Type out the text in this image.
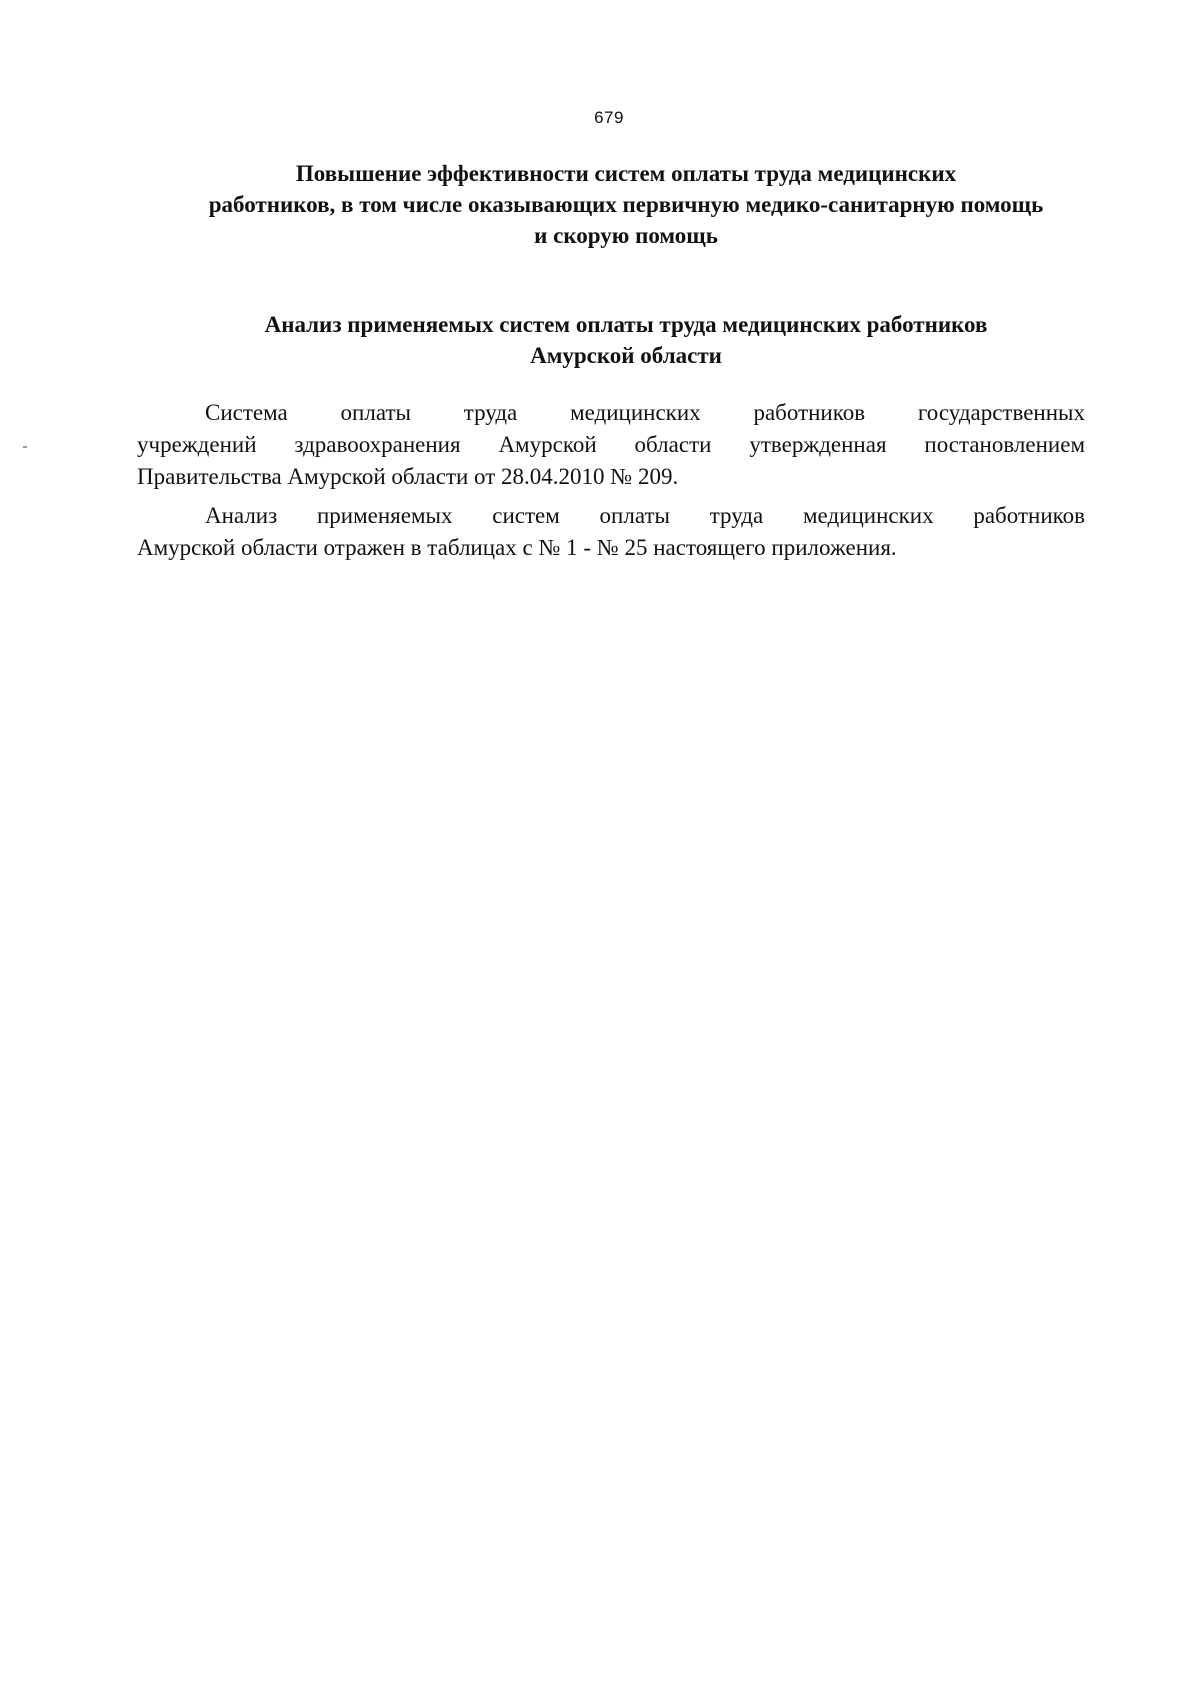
679
Повышение эффективности систем оплаты труда медицинских
работников, в том числе оказывающих первичную медико-санитарную помощь
и скорую помощь
Анализ применяемых систем оплаты труда медицинских работников
Амурской области
Система оплаты труда медицинских работников государственных
учреждений здравоохранения Амурской области утвержденная постановлением
Правительства Амурской области от 28.04.2010 № 209.
Анализ применяемых систем оплаты труда медицинских работников
Амурской области отражен в таблицах с № 1 - № 25 настоящего приложения.
